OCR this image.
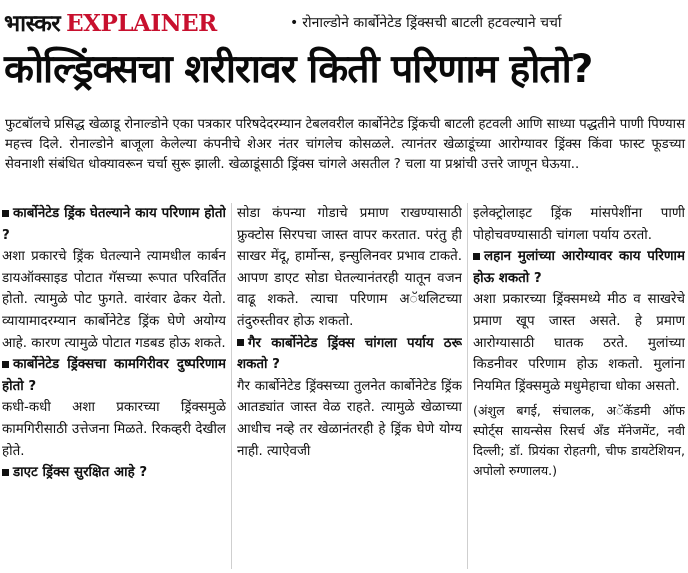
भास्कर EXPLAINER	• रोनाल्डोने कार्बोनेटेड ड्रिंक्सची बाटली हटवल्याने चर्चा
कोल्ड्रिंक्सचा शरीरावर किती परिणाम होतो?

फुटबॉलचे प्रसिद्ध खेळाडू रोनाल्डोने एका पत्रकार परिषदेदरम्यान टेबलवरील कार्बोनेटेड ड्रिंकची बाटली हटवली आणि साध्या पद्धतीने पाणी पिण्यास महत्त्व दिले. रोनाल्डोने बाजूला केलेल्या कंपनीचे शेअर नंतर चांगलेच कोसळले. त्यानंतर खेळाडूंच्या आरोग्यावर ड्रिंक्स किंवा फास्ट फूडच्या सेवनाशी संबंधित धोक्यावरून चर्चा सुरू झाली. खेळाडूंसाठी ड्रिंक्स चांगले असतील ? चला या प्रश्नांची उत्तरे जाणून घेऊया..

कार्बोनेटेड ड्रिंक घेतल्याने काय परिणाम होतो ?

अशा प्रकारचे ड्रिंक घेतल्याने त्यामधील कार्बन डायऑक्साइड पोटात गॅसच्या रूपात परिवर्तित होतो. त्यामुळे पोट फुगते. वारंवार ढेकर येतो. व्यायामादरम्यान कार्बोनेटेड ड्रिंक घेणे अयोग्य आहे. कारण त्यामुळे पोटात गडबड होऊ शकते.

कार्बोनेटेड ड्रिंक्सचा कामगिरीवर दुष्परिणाम होतो ?

कधी-कधी अशा प्रकारच्या ड्रिंक्समुळे कामगिरीसाठी उत्तेजना मिळते. रिकव्हरी देखील होते.

डाएट ड्रिंक्स सुरक्षित आहे ?

सोडा कंपन्या गोडाचे प्रमाण राखण्यासाठी फ्रुक्टोस सिरपचा जास्त वापर करतात. परंतु ही साखर मेंदू, हार्मोन्स, इन्सुलिनवर प्रभाव टाकते. आपण डाएट सोडा घेतल्यानंतरही यातून वजन वाढू शकते. त्याचा परिणाम अॅथलिटच्या तंदुरुस्तीवर होऊ शकतो.

गैर कार्बोनेटेड ड्रिंक्स चांगला पर्याय ठरू शकतो ?

गैर कार्बोनेटेड ड्रिंक्सच्या तुलनेत कार्बोनेटेड ड्रिंक आतड्यांत जास्त वेळ राहते. त्यामुळे खेळाच्या आधीच नव्हे तर खेळानंतरही हे ड्रिंक घेणे योग्य नाही. त्याऐवजी

इलेक्ट्रोलाइट ड्रिंक मांसपेशींना पाणी पोहोचवण्यासाठी चांगला पर्याय ठरतो.

लहान मुलांच्या आरोग्यावर काय परिणाम होऊ शकतो ?

अशा प्रकारच्या ड्रिंक्समध्ये मीठ व साखरेचे प्रमाण खूप जास्त असते. हे प्रमाण आरोग्यासाठी घातक ठरते. मुलांच्या किडनीवर परिणाम होऊ शकतो. मुलांना नियमित ड्रिंक्समुळे मधुमेहाचा धोका असतो.

(अंशुल बगई, संचालक, अॅकॅडमी ऑफ स्पोर्ट्स सायन्सेस रिसर्च अँड मॅनेजमेंट, नवी दिल्ली; डॉ. प्रियंका रोहतगी, चीफ डायटेशियन, अपोलो रुग्णालय.)
